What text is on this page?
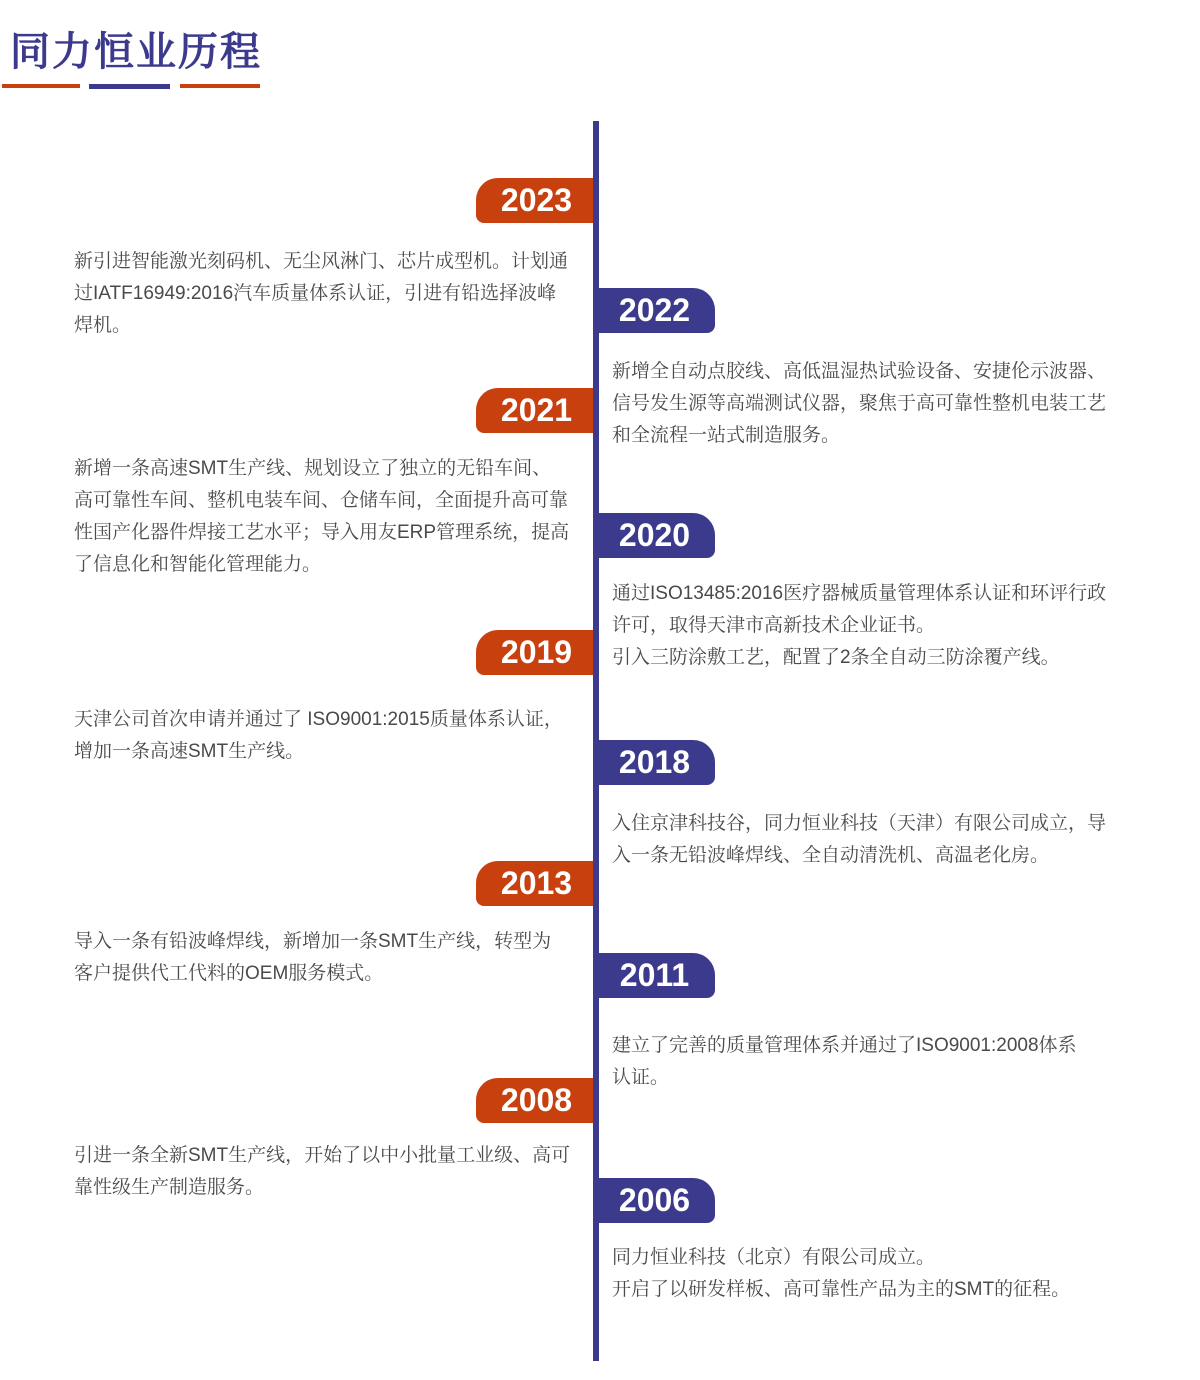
同力恒业历程
2023
新引进智能激光刻码机、无尘风淋门、芯片成型机。计划通
过IATF16949:2016汽车质量体系认证，引进有铅选择波峰
焊机。	2022
新增全自动点胶线、高低温湿热试验设备、安捷伦示波器、
信号发生源等高端测试仪器，聚焦于高可靠性整机电装工艺
和全流程一站式制造服务。
2021
新增一条高速SMT生产线、规划设立了独立的无铅车间、
高可靠性车间、整机电装车间、仓储车间，全面提升高可靠
性国产化器件焊接工艺水平；导入用友ERP管理系统，提高
了信息化和智能化管理能力。
2020
通过ISO13485:2016医疗器械质量管理体系认证和环评行政
许可，取得天津市高新技术企业证书。
引入三防涂敷工艺，配置了2条全自动三防涂覆产线。
2019
天津公司首次申请并通过了 ISO9001:2015质量体系认证，
增加一条高速SMT生产线。	2018
入住京津科技谷，同力恒业科技（天津）有限公司成立，导
入一条无铅波峰焊线、全自动清洗机、高温老化房。
2013
导入一条有铅波峰焊线，新增加一条SMT生产线，转型为
客户提供代工代料的OEM服务模式。	2011
建立了完善的质量管理体系并通过了ISO9001:2008体系
认证。
2008
引进一条全新SMT生产线，开始了以中小批量工业级、高可
靠性级生产制造服务。	2006
同力恒业科技（北京）有限公司成立。
开启了以研发样板、高可靠性产品为主的SMT的征程。
